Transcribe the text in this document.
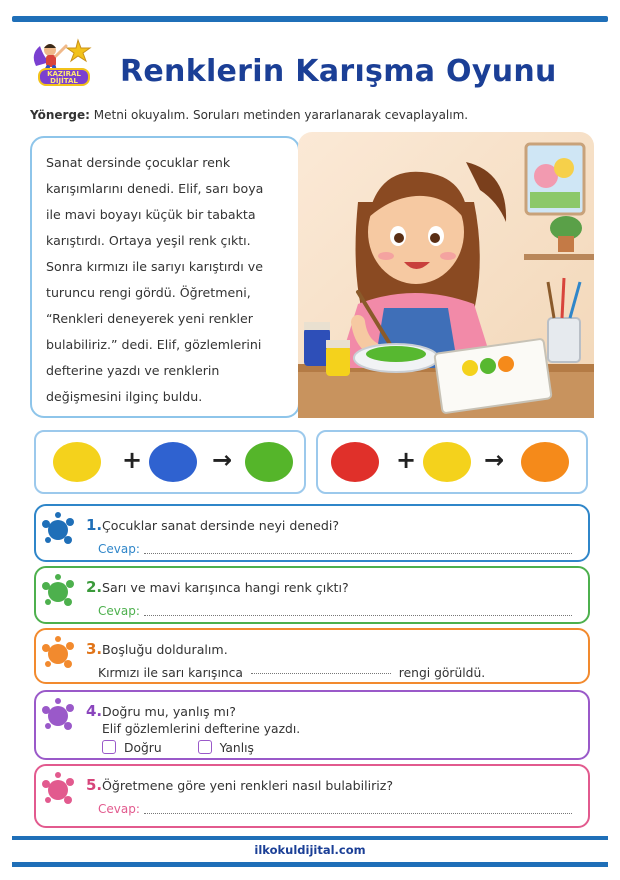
KAZIRAL
DİJİTAL	Renklerin Karışma Oyunu
Yönerge: Metni okuyalım. Soruları metinden yararlanarak cevaplayalım.
Sanat dersinde çocuklar renk
karışımlarını denedi. Elif, sarı boya
ile mavi boyayı küçük bir tabakta
karıştırdı. Ortaya yeşil renk çıktı.
Sonra kırmızı ile sarıyı karıştırdı ve
turuncu rengi gördü. Öğretmeni,
“Renkleri deneyerek yeni renkler
bulabiliriz.” dedi. Elif, gözlemlerini
defterine yazdı ve renklerin
değişmesini ilginç buldu.
+	→	+	→
1. Çocuklar sanat dersinde neyi denedi?
Cevap:
2. Sarı ve mavi karışınca hangi renk çıktı?
Cevap:
3. Boşluğu dolduralım.
Kırmızı ile sarı karışınca	rengi görüldü.
4. Doğru mu, yanlış mı?
Elif gözlemlerini defterine yazdı.
Doğru	Yanlış
5. Öğretmene göre yeni renkleri nasıl bulabiliriz?
Cevap:
ilkokuldijital.com
